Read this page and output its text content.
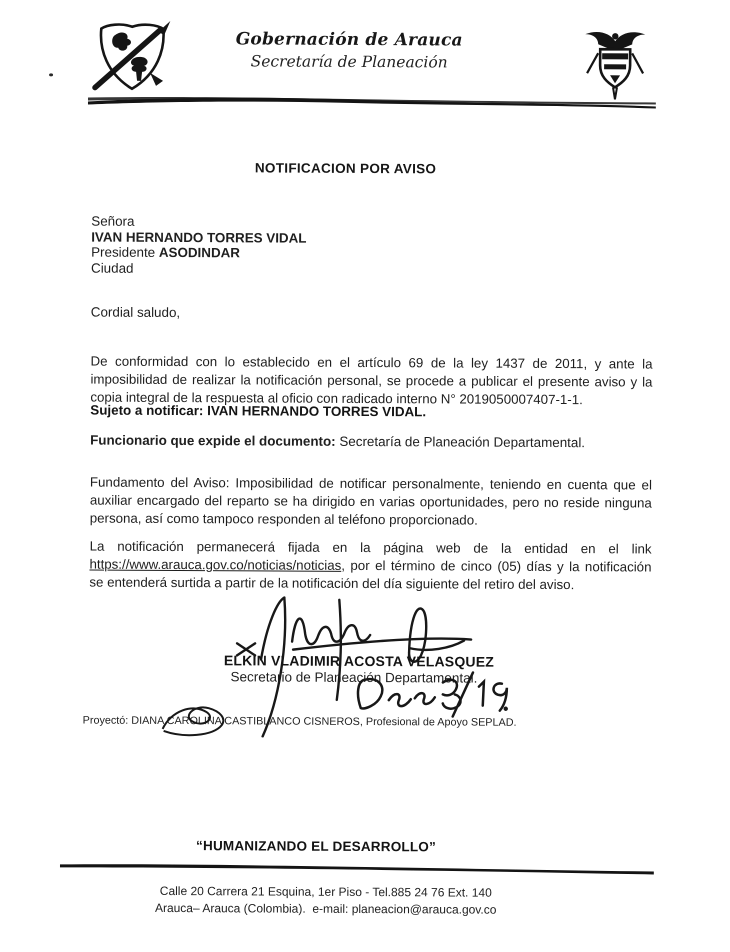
Gobernación de Arauca
Secretaría de Planeación
NOTIFICACION POR AVISO
Señora
IVAN HERNANDO TORRES VIDAL
Presidente ASODINDAR
Ciudad
Cordial saludo,

De conformidad con lo establecido en el artículo 69 de la ley 1437 de 2011, y ante la imposibilidad de realizar la notificación personal, se procede a publicar el presente aviso y la copia integral de la respuesta al oficio con radicado interno N° 2019050007407-1-1.

Sujeto a notificar: IVAN HERNANDO TORRES VIDAL.
Funcionario que expide el documento: Secretaría de Planeación Departamental.

Fundamento del Aviso: Imposibilidad de notificar personalmente, teniendo en cuenta que el auxiliar encargado del reparto se ha dirigido en varias oportunidades, pero no reside ninguna persona, así como tampoco responden al teléfono proporcionado.

La notificación permanecerá fijada en la página web de la entidad en el link https://www.arauca.gov.co/noticias/noticias, por el término de cinco (05) días y la notificación se entenderá surtida a partir de la notificación del día siguiente del retiro del aviso.

ELKIN VLADIMIR ACOSTA VELASQUEZ
Secretario de Planeación Departamental.
Proyectó: DIANA CAROLINA CASTIBLANCO CISNEROS, Profesional de Apoyo SEPLAD.
“HUMANIZANDO EL DESARROLLO”
Calle 20 Carrera 21 Esquina, 1er Piso - Tel.885 24 76 Ext. 140
Arauca– Arauca (Colombia).  e-mail: planeacion@arauca.gov.co
